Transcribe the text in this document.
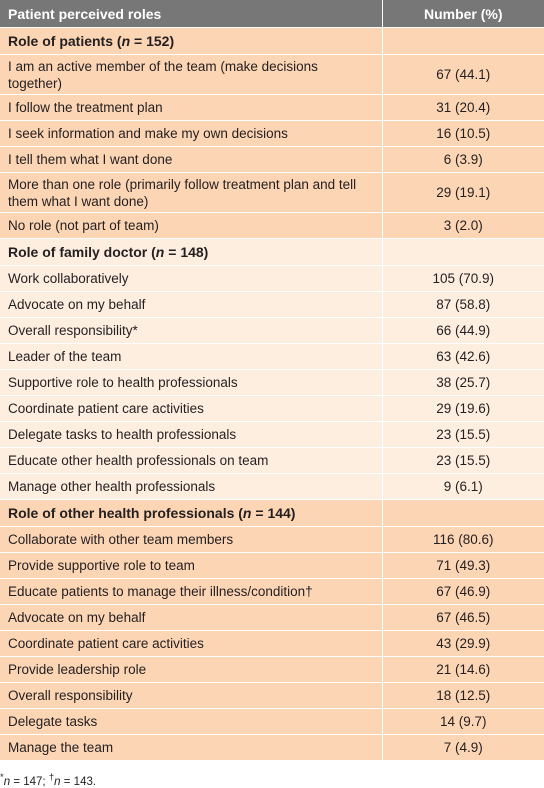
Patient perceived roles	Number (%)
Role of patients (n = 152)	
I am an active member of the team (make decisions together)	67 (44.1)
I follow the treatment plan	31 (20.4)
I seek information and make my own decisions	16 (10.5)
I tell them what I want done	6 (3.9)
More than one role (primarily follow treatment plan and tell them what I want done)	29 (19.1)
No role (not part of team)	3 (2.0)
Role of family doctor (n = 148)	
Work collaboratively	105 (70.9)
Advocate on my behalf	87 (58.8)
Overall responsibility*	66 (44.9)
Leader of the team	63 (42.6)
Supportive role to health professionals	38 (25.7)
Coordinate patient care activities	29 (19.6)
Delegate tasks to health professionals	23 (15.5)
Educate other health professionals on team	23 (15.5)
Manage other health professionals	9 (6.1)
Role of other health professionals (n = 144)	
Collaborate with other team members	116 (80.6)
Provide supportive role to team	71 (49.3)
Educate patients to manage their illness/condition†	67 (46.9)
Advocate on my behalf	67 (46.5)
Coordinate patient care activities	43 (29.9)
Provide leadership role	21 (14.6)
Overall responsibility	18 (12.5)
Delegate tasks	14 (9.7)
Manage the team	7 (4.9)
*n = 147; †n = 143.
